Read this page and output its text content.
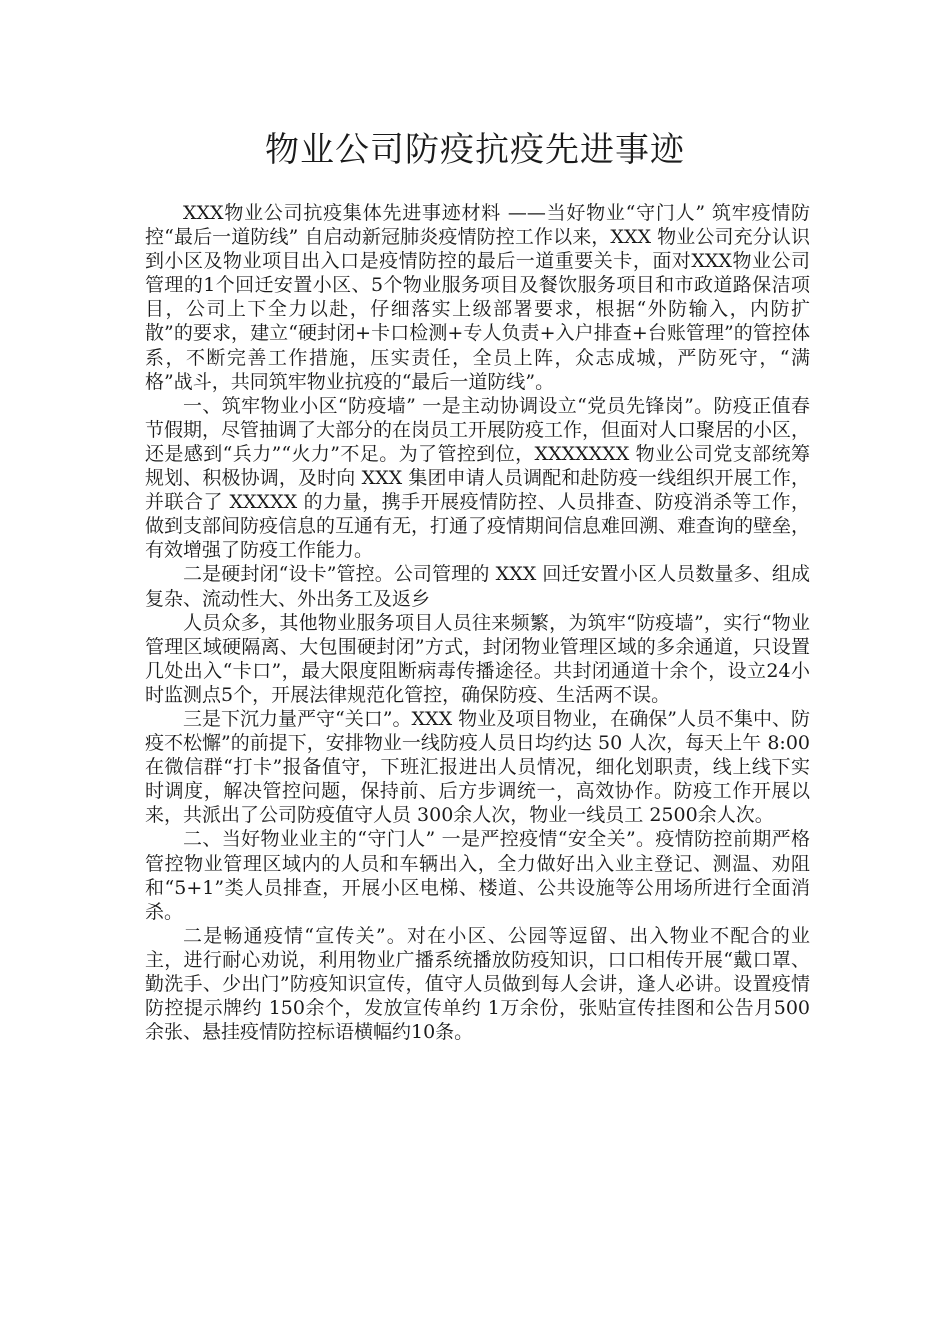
物业公司防疫抗疫先进事迹

XXX物业公司抗疫集体先进事迹材料 ——当好物业“守门人” 筑牢疫情防控“最后一道防线” 自启动新冠肺炎疫情防控工作以来，XXX 物业公司充分认识到小区及物业项目出入口是疫情防控的最后一道重要关卡，面对XXX物业公司管理的1个回迁安置小区、5个物业服务项目及餐饮服务项目和市政道路保洁项目，公司上下全力以赴，仔细落实上级部署要求，根据“外防输入，内防扩散”的要求，建立“硬封闭+卡口检测+专人负责+入户排查+台账管理”的管控体系，不断完善工作措施，压实责任，全员上阵，众志成城，严防死守，“满格”战斗，共同筑牢物业抗疫的“最后一道防线”。

一、筑牢物业小区“防疫墙” 一是主动协调设立“党员先锋岗”。防疫正值春节假期，尽管抽调了大部分的在岗员工开展防疫工作，但面对人口聚居的小区，还是感到“兵力”“火力”不足。为了管控到位，XXXXXXX 物业公司党支部统筹规划、积极协调，及时向 XXX 集团申请人员调配和赴防疫一线组织开展工作，并联合了 XXXXX 的力量，携手开展疫情防控、人员排查、防疫消杀等工作，做到支部间防疫信息的互通有无，打通了疫情期间信息难回溯、难查询的壁垒，有效增强了防疫工作能力。

二是硬封闭“设卡”管控。公司管理的 XXX 回迁安置小区人员数量多、组成复杂、流动性大、外出务工及返乡

人员众多，其他物业服务项目人员往来频繁，为筑牢“防疫墙”，实行“物业管理区域硬隔离、大包围硬封闭”方式，封闭物业管理区域的多余通道，只设置几处出入“卡口”，最大限度阻断病毒传播途径。共封闭通道十余个，设立24小时监测点5个，开展法律规范化管控，确保防疫、生活两不误。

三是下沉力量严守“关口”。XXX 物业及项目物业，在确保”人员不集中、防疫不松懈”的前提下，安排物业一线防疫人员日均约达 50 人次，每天上午 8:00 在微信群“打卡”报备值守，下班汇报进出人员情况，细化划职责，线上线下实时调度，解决管控问题，保持前、后方步调统一，高效协作。防疫工作开展以来，共派出了公司防疫值守人员 300余人次，物业一线员工 2500余人次。

二、当好物业业主的“守门人” 一是严控疫情“安全关”。疫情防控前期严格管控物业管理区域内的人员和车辆出入，全力做好出入业主登记、测温、劝阻和“5+1”类人员排查，开展小区电梯、楼道、公共设施等公用场所进行全面消杀。

二是畅通疫情“宣传关”。对在小区、公园等逗留、出入物业不配合的业主，进行耐心劝说，利用物业广播系统播放防疫知识，口口相传开展“戴口罩、勤洗手、少出门”防疫知识宣传，值守人员做到每人会讲，逢人必讲。设置疫情防控提示牌约 150余个，发放宣传单约 1万余份，张贴宣传挂图和公告月500余张、悬挂疫情防控标语横幅约10条。
